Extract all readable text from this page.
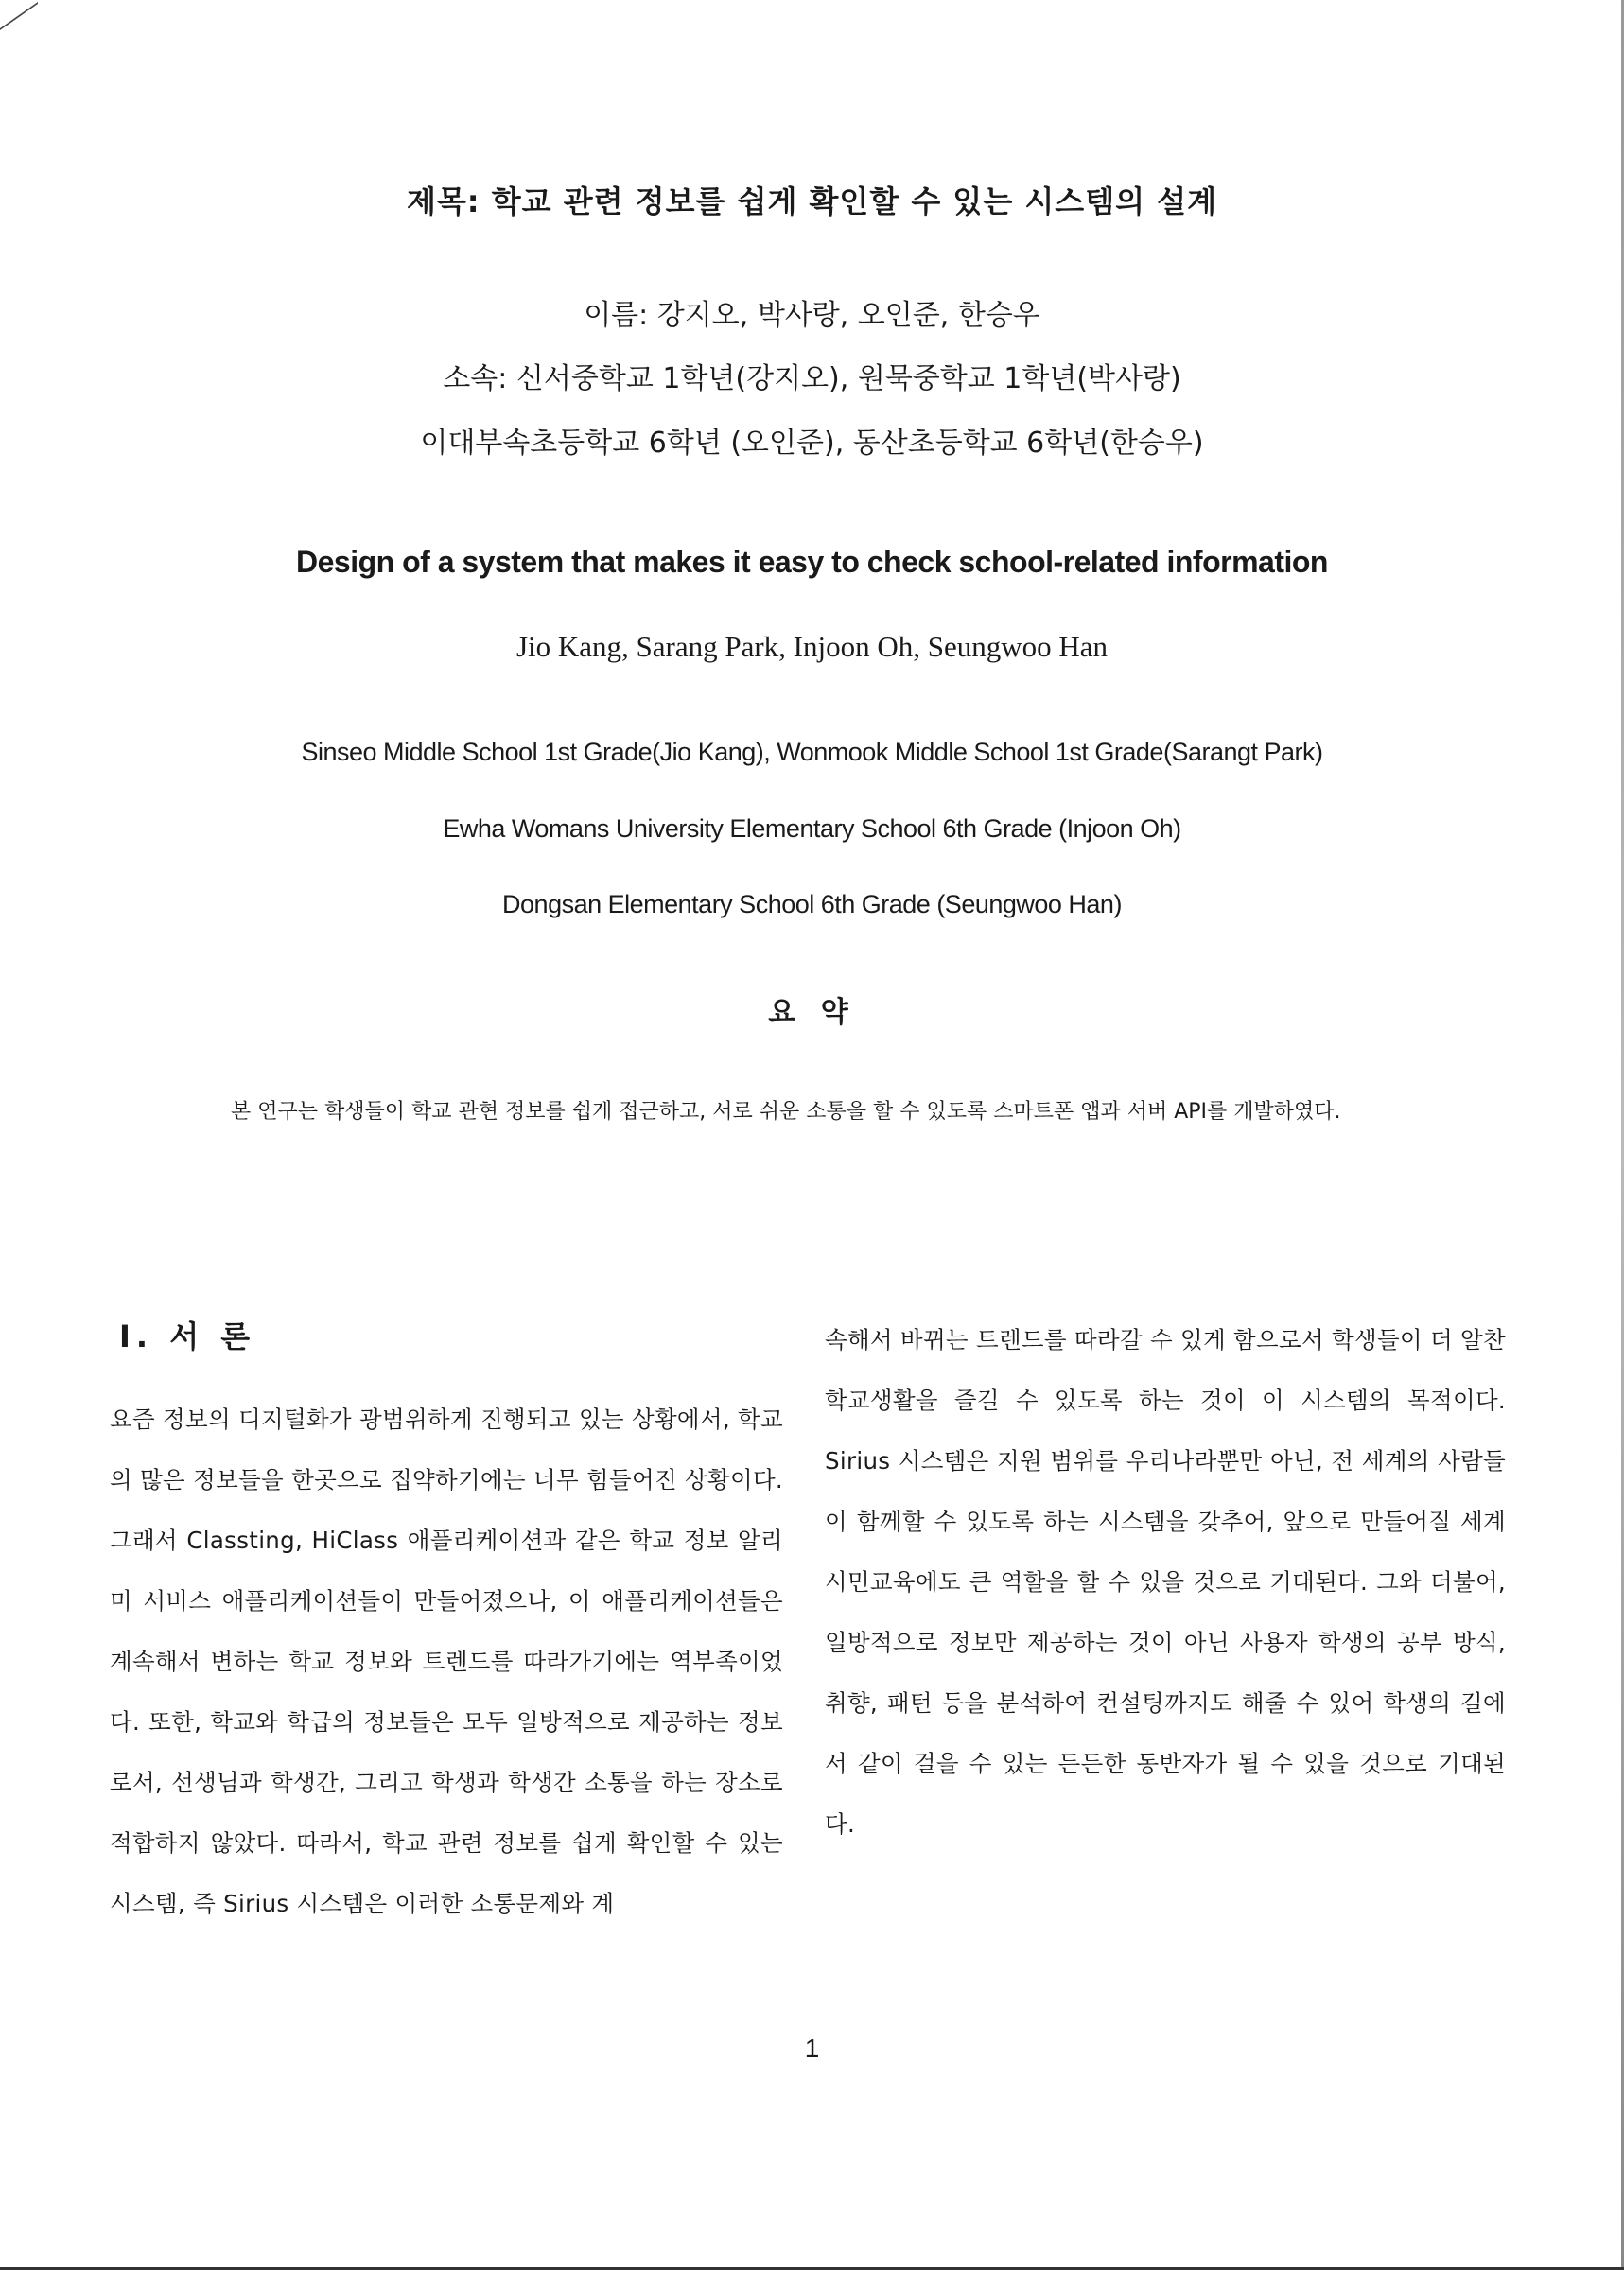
제목: 학교 관련 정보를 쉽게 확인할 수 있는 시스템의 설계
이름: 강지오, 박사랑, 오인준, 한승우
소속: 신서중학교 1학년(강지오), 원묵중학교 1학년(박사랑)
이대부속초등학교 6학년 (오인준), 동산초등학교 6학년(한승우)
Design of a system that makes it easy to check school-related information
Jio Kang, Sarang Park, Injoon Oh, Seungwoo Han
Sinseo Middle School 1st Grade(Jio Kang), Wonmook Middle School 1st Grade(Sarangt Park)
Ewha Womans University Elementary School 6th Grade (Injoon Oh)
Dongsan Elementary School 6th Grade (Seungwoo Han)
요 약
본 연구는 학생들이 학교 관현 정보를 쉽게 접근하고, 서로 쉬운 소통을 할 수 있도록 스마트폰 앱과 서버 API를 개발하였다.
I. 서 론
요즘 정보의 디지털화가 광범위하게 진행되고 있는 상황에서, 학교의 많은 정보들을 한곳으로 집약하기에는 너무 힘들어진 상황이다. 그래서 Classting, HiClass 애플리케이션과 같은 학교 정보 알리미 서비스 애플리케이션들이 만들어졌으나, 이 애플리케이션들은 계속해서 변하는 학교 정보와 트렌드를 따라가기에는 역부족이었다. 또한, 학교와 학급의 정보들은 모두 일방적으로 제공하는 정보로서, 선생님과 학생간, 그리고 학생과 학생간 소통을 하는 장소로 적합하지 않았다. 따라서, 학교 관련 정보를 쉽게 확인할 수 있는 시스템, 즉 Sirius 시스템은 이러한 소통문제와 계
속해서 바뀌는 트렌드를 따라갈 수 있게 함으로서 학생들이 더 알찬 학교생활을 즐길 수 있도록 하는 것이 이 시스템의 목적이다. Sirius 시스템은 지원 범위를 우리나라뿐만 아닌, 전 세계의 사람들이 함께할 수 있도록 하는 시스템을 갖추어, 앞으로 만들어질 세계시민교육에도 큰 역할을 할 수 있을 것으로 기대된다. 그와 더불어, 일방적으로 정보만 제공하는 것이 아닌 사용자 학생의 공부 방식, 취향, 패턴 등을 분석하여 컨설팅까지도 해줄 수 있어 학생의 길에서 같이 걸을 수 있는 든든한 동반자가 될 수 있을 것으로 기대된다.
1
